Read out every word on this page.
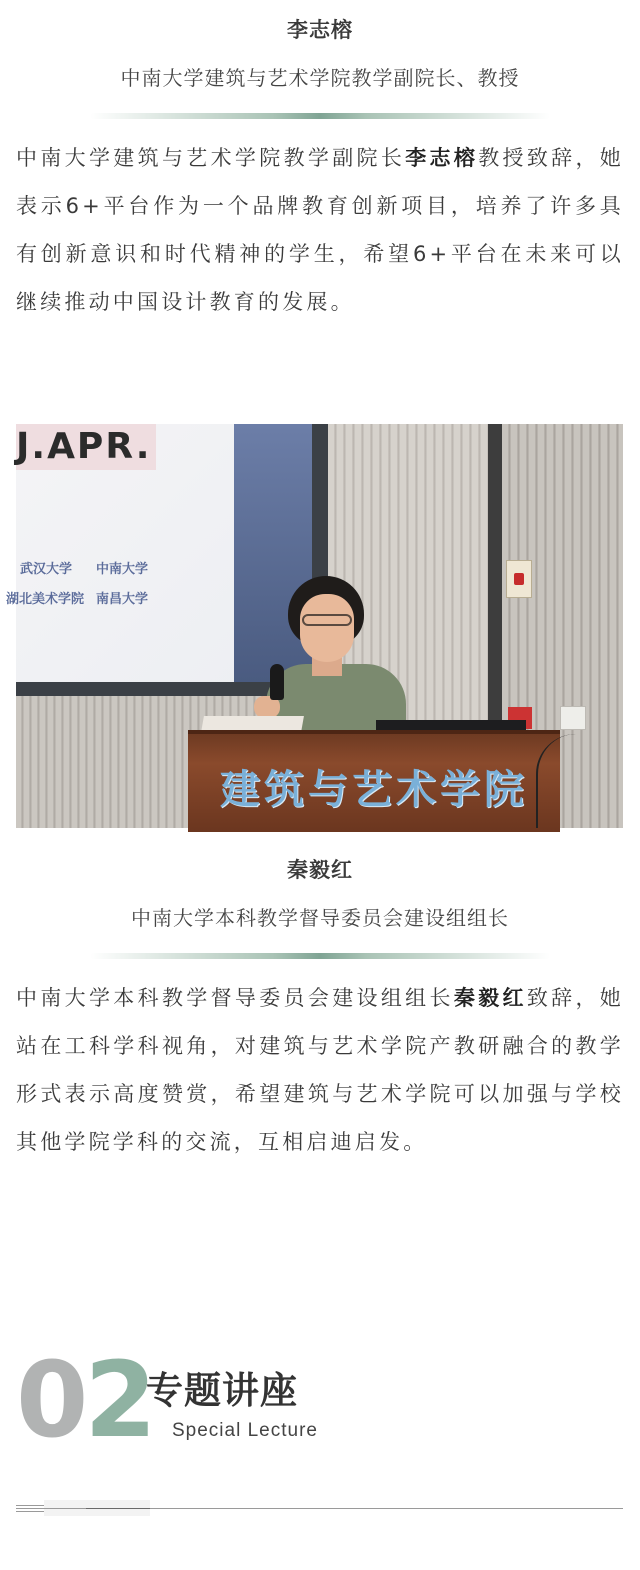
李志榕
中南大学建筑与艺术学院教学副院长、教授

中南大学建筑与艺术学院教学副院长李志榕教授致辞，她表示6+平台作为一个品牌教育创新项目，培养了许多具有创新意识和时代精神的学生，希望6+平台在未来可以继续推动中国设计教育的发展。

J.APR.
武汉大学 中南大学
湖北美术学院 南昌大学
建筑与艺术学院
秦毅红
中南大学本科教学督导委员会建设组组长

中南大学本科教学督导委员会建设组组长秦毅红致辞，她站在工科学科视角，对建筑与艺术学院产教研融合的教学形式表示高度赞赏，希望建筑与艺术学院可以加强与学校其他学院学科的交流，互相启迪启发。

02
专题讲座
Special Lecture
